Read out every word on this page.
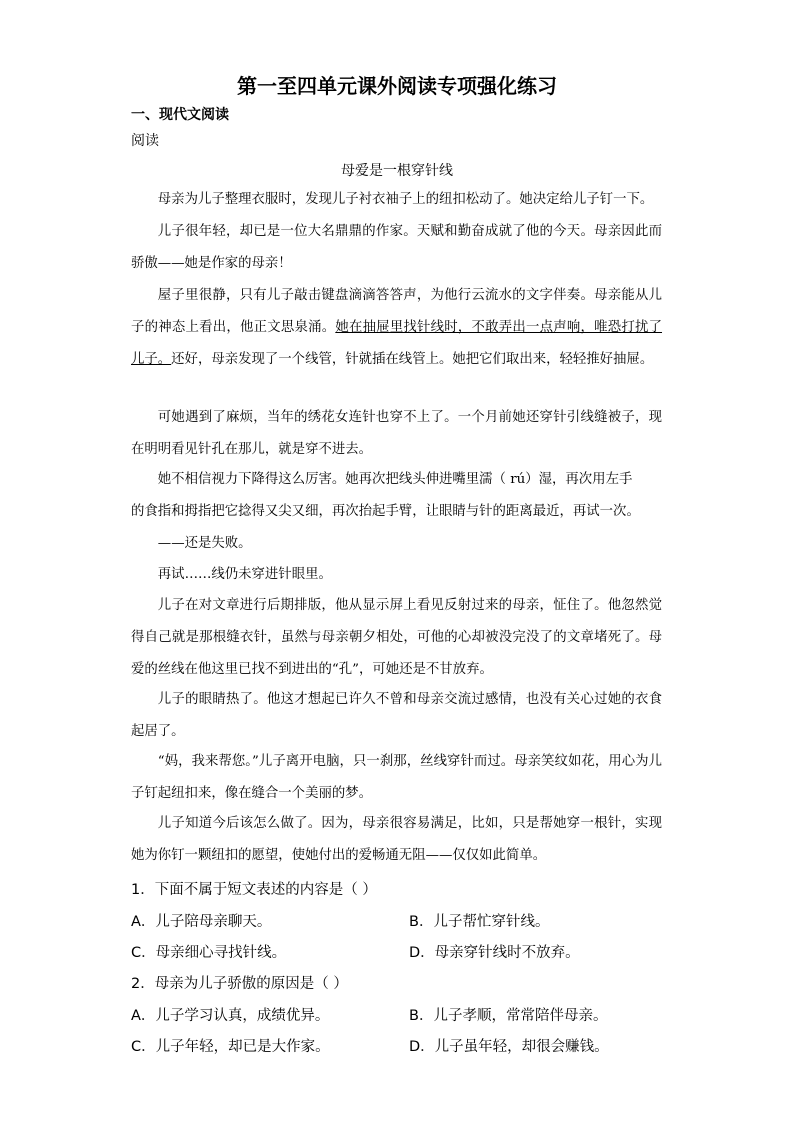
第一至四单元课外阅读专项强化练习
一、现代文阅读
阅读
母爱是一根穿针线
母亲为儿子整理衣服时，发现儿子衬衣袖子上的纽扣松动了。她决定给儿子钉一下。
儿子很年轻，却已是一位大名鼎鼎的作家。天赋和勤奋成就了他的今天。母亲因此而骄傲——她是作家的母亲！
屋子里很静，只有儿子敲击键盘滴滴答答声，为他行云流水的文字伴奏。母亲能从儿子的神态上看出，他正文思泉涌。她在抽屉里找针线时，不敢弄出一点声响，唯恐打扰了儿子。还好，母亲发现了一个线管，针就插在线管上。她把它们取出来，轻轻推好抽屉。
可她遇到了麻烦，当年的绣花女连针也穿不上了。一个月前她还穿针引线缝被子，现在明明看见针孔在那儿，就是穿不进去。
她不相信视力下降得这么厉害。她再次把线头伸进嘴里濡（ rú）湿，再次用左手
的食指和拇指把它捻得又尖又细，再次抬起手臂，让眼睛与针的距离最近，再试一次。
——还是失败。
再试……线仍未穿进针眼里。
儿子在对文章进行后期排版，他从显示屏上看见反射过来的母亲，怔住了。他忽然觉得自己就是那根缝衣针，虽然与母亲朝夕相处，可他的心却被没完没了的文章堵死了。母爱的丝线在他这里已找不到进出的“孔”，可她还是不甘放弃。
儿子的眼睛热了。他这才想起已许久不曾和母亲交流过感情，也没有关心过她的衣食起居了。
“妈，我来帮您。”儿子离开电脑，只一刹那，丝线穿针而过。母亲笑纹如花，用心为儿子钉起纽扣来，像在缝合一个美丽的梦。
儿子知道今后该怎么做了。因为，母亲很容易满足，比如，只是帮她穿一根针，实现她为你钉一颗纽扣的愿望，使她付出的爱畅通无阻——仅仅如此简单。
1．下面不属于短文表述的内容是（ ）
A．儿子陪母亲聊天。	B．儿子帮忙穿针线。
C．母亲细心寻找针线。	D．母亲穿针线时不放弃。
2．母亲为儿子骄傲的原因是（ ）
A．儿子学习认真，成绩优异。	B．儿子孝顺，常常陪伴母亲。
C．儿子年轻，却已是大作家。	D．儿子虽年轻，却很会赚钱。
